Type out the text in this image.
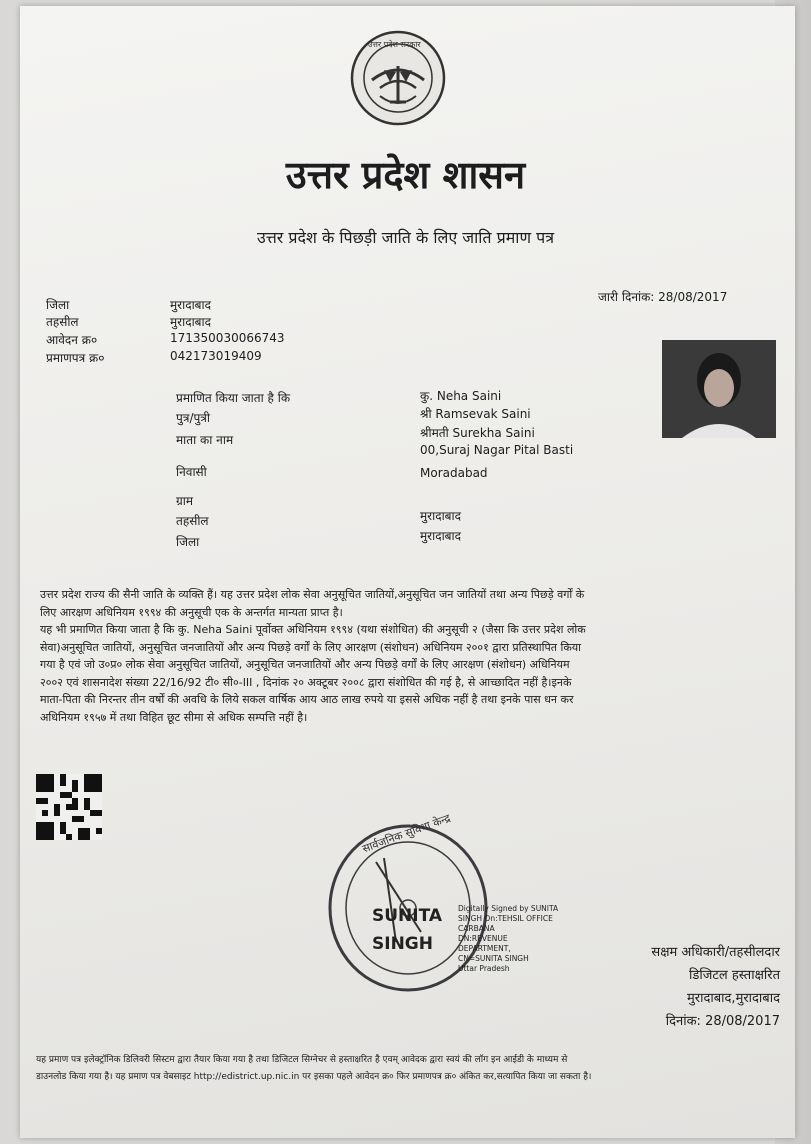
उत्तर प्रदेश सरकार
उत्तर प्रदेश शासन
उत्तर प्रदेश के पिछड़ी जाति के लिए जाति प्रमाण पत्र
जिला	मुरादाबाद
तहसील	मुरादाबाद
आवेदन क्र०	171350030066743
प्रमाणपत्र क्र०	042173019409
जारी दिनांक: 28/08/2017
प्रमाणित किया जाता है कि	कु. Neha Saini
पुत्र/पुत्री	श्री Ramsevak Saini
माता का नाम	श्रीमती Surekha Saini
00,Suraj Nagar Pital Basti
निवासी	Moradabad
ग्राम
तहसील	मुरादाबाद
जिला	मुरादाबाद
उत्तर प्रदेश राज्य की सैनी जाति के व्यक्ति हैं। यह उत्तर प्रदेश लोक सेवा अनुसूचित जातियों,अनुसूचित जन जातियों तथा अन्य पिछड़े वर्गों के
लिए आरक्षण अधिनियम १९९४ की अनुसूची एक के अन्तर्गत मान्यता प्राप्त है।
यह भी प्रमाणित किया जाता है कि कु. Neha Saini पूर्वोक्त अधिनियम १९९४ (यथा संशोधित) की अनुसूची २ (जैसा कि उत्तर प्रदेश लोक
सेवा)अनुसूचित जातियों, अनुसूचित जनजातियों और अन्य पिछड़े वर्गों के लिए आरक्षण (संशोधन) अधिनियम २००१ द्वारा प्रतिस्थापित किया
गया है एवं जो उ०प्र० लोक सेवा अनुसूचित जातियों, अनुसूचित जनजातियों और अन्य पिछड़े वर्गों के लिए आरक्षण (संशोधन) अधिनियम
२००२ एवं शासनादेश संख्या 22/16/92 टी० सी०-III , दिनांक २० अक्टूबर २००८ द्वारा संशोधित की गई है, से आच्छादित नहीं है।इनके
माता-पिता की निरन्तर तीन वर्षों की अवधि के लिये सकल वार्षिक आय आठ लाख रुपये या इससे अधिक नहीं है तथा इनके पास धन कर
अधिनियम १९५७ में तथा विहित छूट सीमा से अधिक सम्पत्ति नहीं है।
सार्वजनिक सुविधा केन्द्र
SUNITA
SINGH
Digitally Signed by SUNITA
SINGH On:TEHSIL OFFICE
CARBANA
DN:REVENUE
DEPARTMENT,
CN=SUNITA SINGH
Uttar Pradesh
सक्षम अधिकारी/तहसीलदार
डिजिटल हस्ताक्षरित
मुरादाबाद,मुरादाबाद
दिनांक: 28/08/2017
यह प्रमाण पत्र इलेक्ट्रॉनिक डिलिवरी सिस्टम द्वारा तैयार किया गया है तथा डिजिटल सिग्नेचर से हस्ताक्षरित है एवम् आवेदक द्वारा स्वयं की लॉग इन आईडी के माध्यम से
डाउनलोड किया गया है। यह प्रमाण पत्र वेबसाइट http://edistrict.up.nic.in पर इसका पहले आवेदन क्र० फिर प्रमाणपत्र क्र० अंकित कर,सत्यापित किया जा सकता है।
